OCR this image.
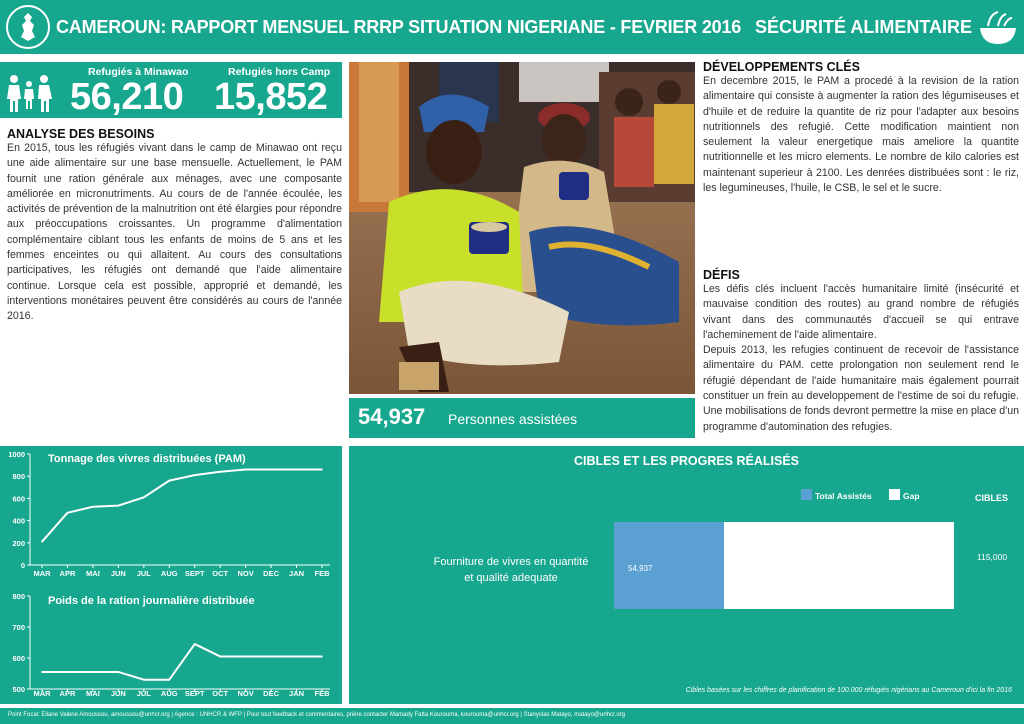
CAMEROUN: RAPPORT MENSUEL RRRP SITUATION NIGERIANE - FEVRIER 2016 SÉCURITÉ ALIMENTAIRE
Refugiés à Minawao
56,210
Refugiés hors Camp
15,852
ANALYSE DES BESOINS
En 2015, tous les réfugiés vivant dans le camp de Minawao ont reçu une aide alimentaire sur une base mensuelle. Actuellement, le PAM fournit une ration générale aux ménages, avec une composante améliorée en micronutriments. Au cours de de l'année écoulée, les activités de prévention de la malnutrition ont été élargies pour répondre aux préoccupations croissantes. Un programme d'alimentation complémentaire ciblant tous les enfants de moins de 5 ans et les femmes enceintes ou qui allaitent. Au cours des consultations participatives, les réfugiés ont demandé que l'aide alimentaire continue. Lorsque cela est possible, approprié et demandé, les interventions monétaires peuvent être considérés au cours de l'année 2016.
54,937 Personnes assistées
DÉVELOPPEMENTS CLÉS
En decembre 2015, le PAM a procedé à la revision de la ration alimentaire qui consiste à augmenter la ration des légumiseuses et d'huile et de reduire la quantite de riz pour l'adapter aux besoins nutritionnels des refugié. Cette modification maintient non seulement la valeur energetique mais ameliore la quantite nutritionnelle et les micro elements. Le nombre de kilo calories est maintenant superieur à 2100. Les denrées distribuées sont : le riz, les legumineuses, l'huile, le CSB, le sel et le sucre.
DÉFIS

Les défis clés incluent l'accès humanitaire limité (insécurité et mauvaise condition des routes) au grand nombre de réfugiés vivant dans des communautés d'accueil se qui entrave l'acheminement de l'aide alimentaire.

Depuis 2013, les refugies continuent de recevoir de l'assistance alimentaire du PAM. cette prolongation non seulement rend le réfugié dépendant de l'aide humanitaire mais également pourrait constituer un frein au developpement de l'estime de soi du refugie. Une mobilisations de fonds devront permettre la mise en place d'un programme d'automination des refugies.

Tonnage des vivres distribuées (PAM)
0
200
400
600
800
1000
MAR APR MAI JUN JUL AUG SEPT OCT NOV DEC JAN FEB
Poids de la ration journalière distribuée
500
600
700
800
MAR APR MAI JUN JUL AUG SEPT OCT NOV DEC JAN FEB
CIBLES ET LES PROGRES RÉALISÉS
Total Assistés	Gap	CIBLES
Fourniture de vivres en quantité et qualité adequate
54,937
115,000
Cibles basées sur les chiffres de planification de 100.000 réfugiés nigérians au Cameroun d'ici la fin 2016
Point Focal: Eliane Valerie Amoussou, amoussou@unhcr.org | Agence : UNHCR & WFP | Pour tout feedback et commentaires, prière contacter Mamady Fatta Kourouma, kourouma@unhcr.org | Stanyslas Matayo, matayo@unhcr.org
